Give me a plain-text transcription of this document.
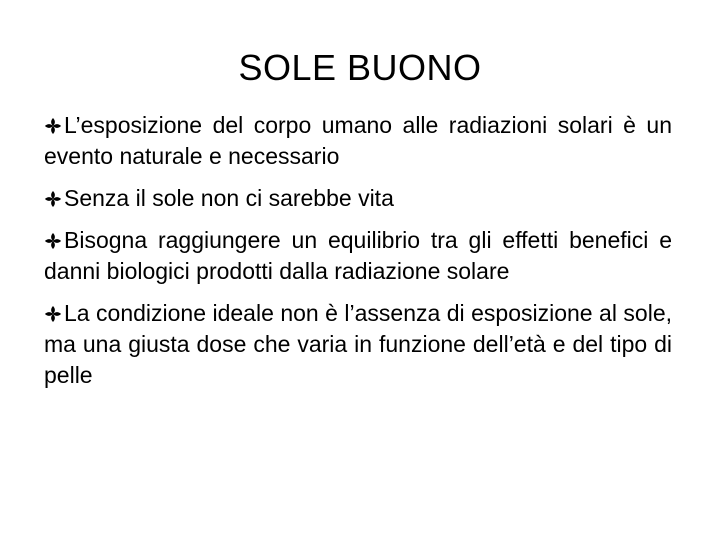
SOLE BUONO
L’esposizione del corpo umano alle radiazioni solari è un evento naturale e necessario
Senza il sole non ci sarebbe vita
Bisogna raggiungere un equilibrio tra gli effetti benefici e danni biologici prodotti dalla radiazione solare
La condizione ideale non è l’assenza di esposizione al sole, ma una giusta dose che varia in funzione dell’età e del tipo di pelle
